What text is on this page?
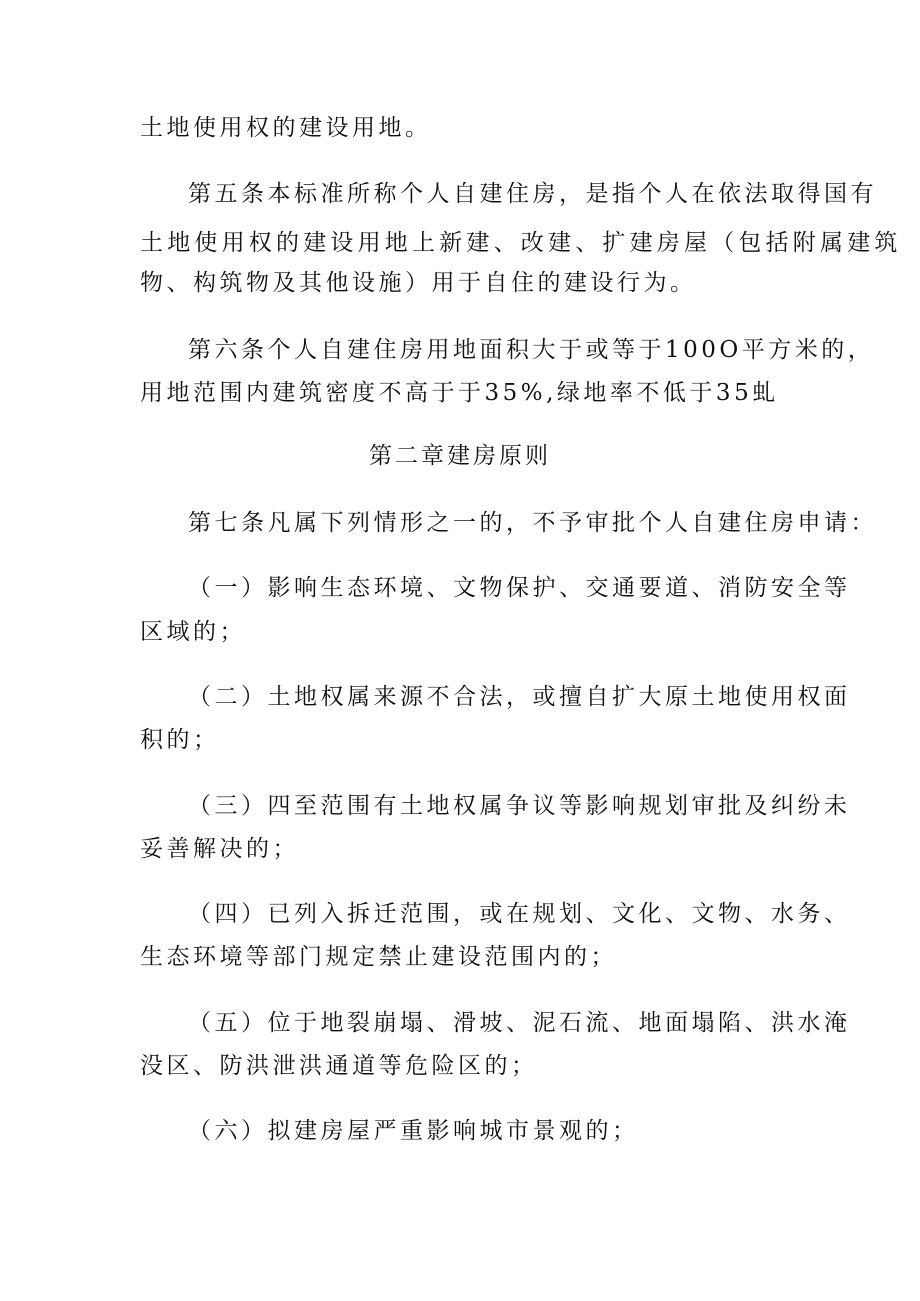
土地使用权的建设用地。
第五条本标准所称个人自建住房，是指个人在依法取得国有
土地使用权的建设用地上新建、改建、扩建房屋（包括附属建筑
物、构筑物及其他设施）用于自住的建设行为。
第六条个人自建住房用地面积大于或等于100O平方米的，
用地范围内建筑密度不高于于35%,绿地率不低于35虬
第二章建房原则
第七条凡属下列情形之一的，不予审批个人自建住房申请：
（一）影响生态环境、文物保护、交通要道、消防安全等
区域的；
（二）土地权属来源不合法，或擅自扩大原土地使用权面
积的；
（三）四至范围有土地权属争议等影响规划审批及纠纷未
妥善解决的；
（四）已列入拆迁范围，或在规划、文化、文物、水务、
生态环境等部门规定禁止建设范围内的；
（五）位于地裂崩塌、滑坡、泥石流、地面塌陷、洪水淹
没区、防洪泄洪通道等危险区的；
（六）拟建房屋严重影响城市景观的；
